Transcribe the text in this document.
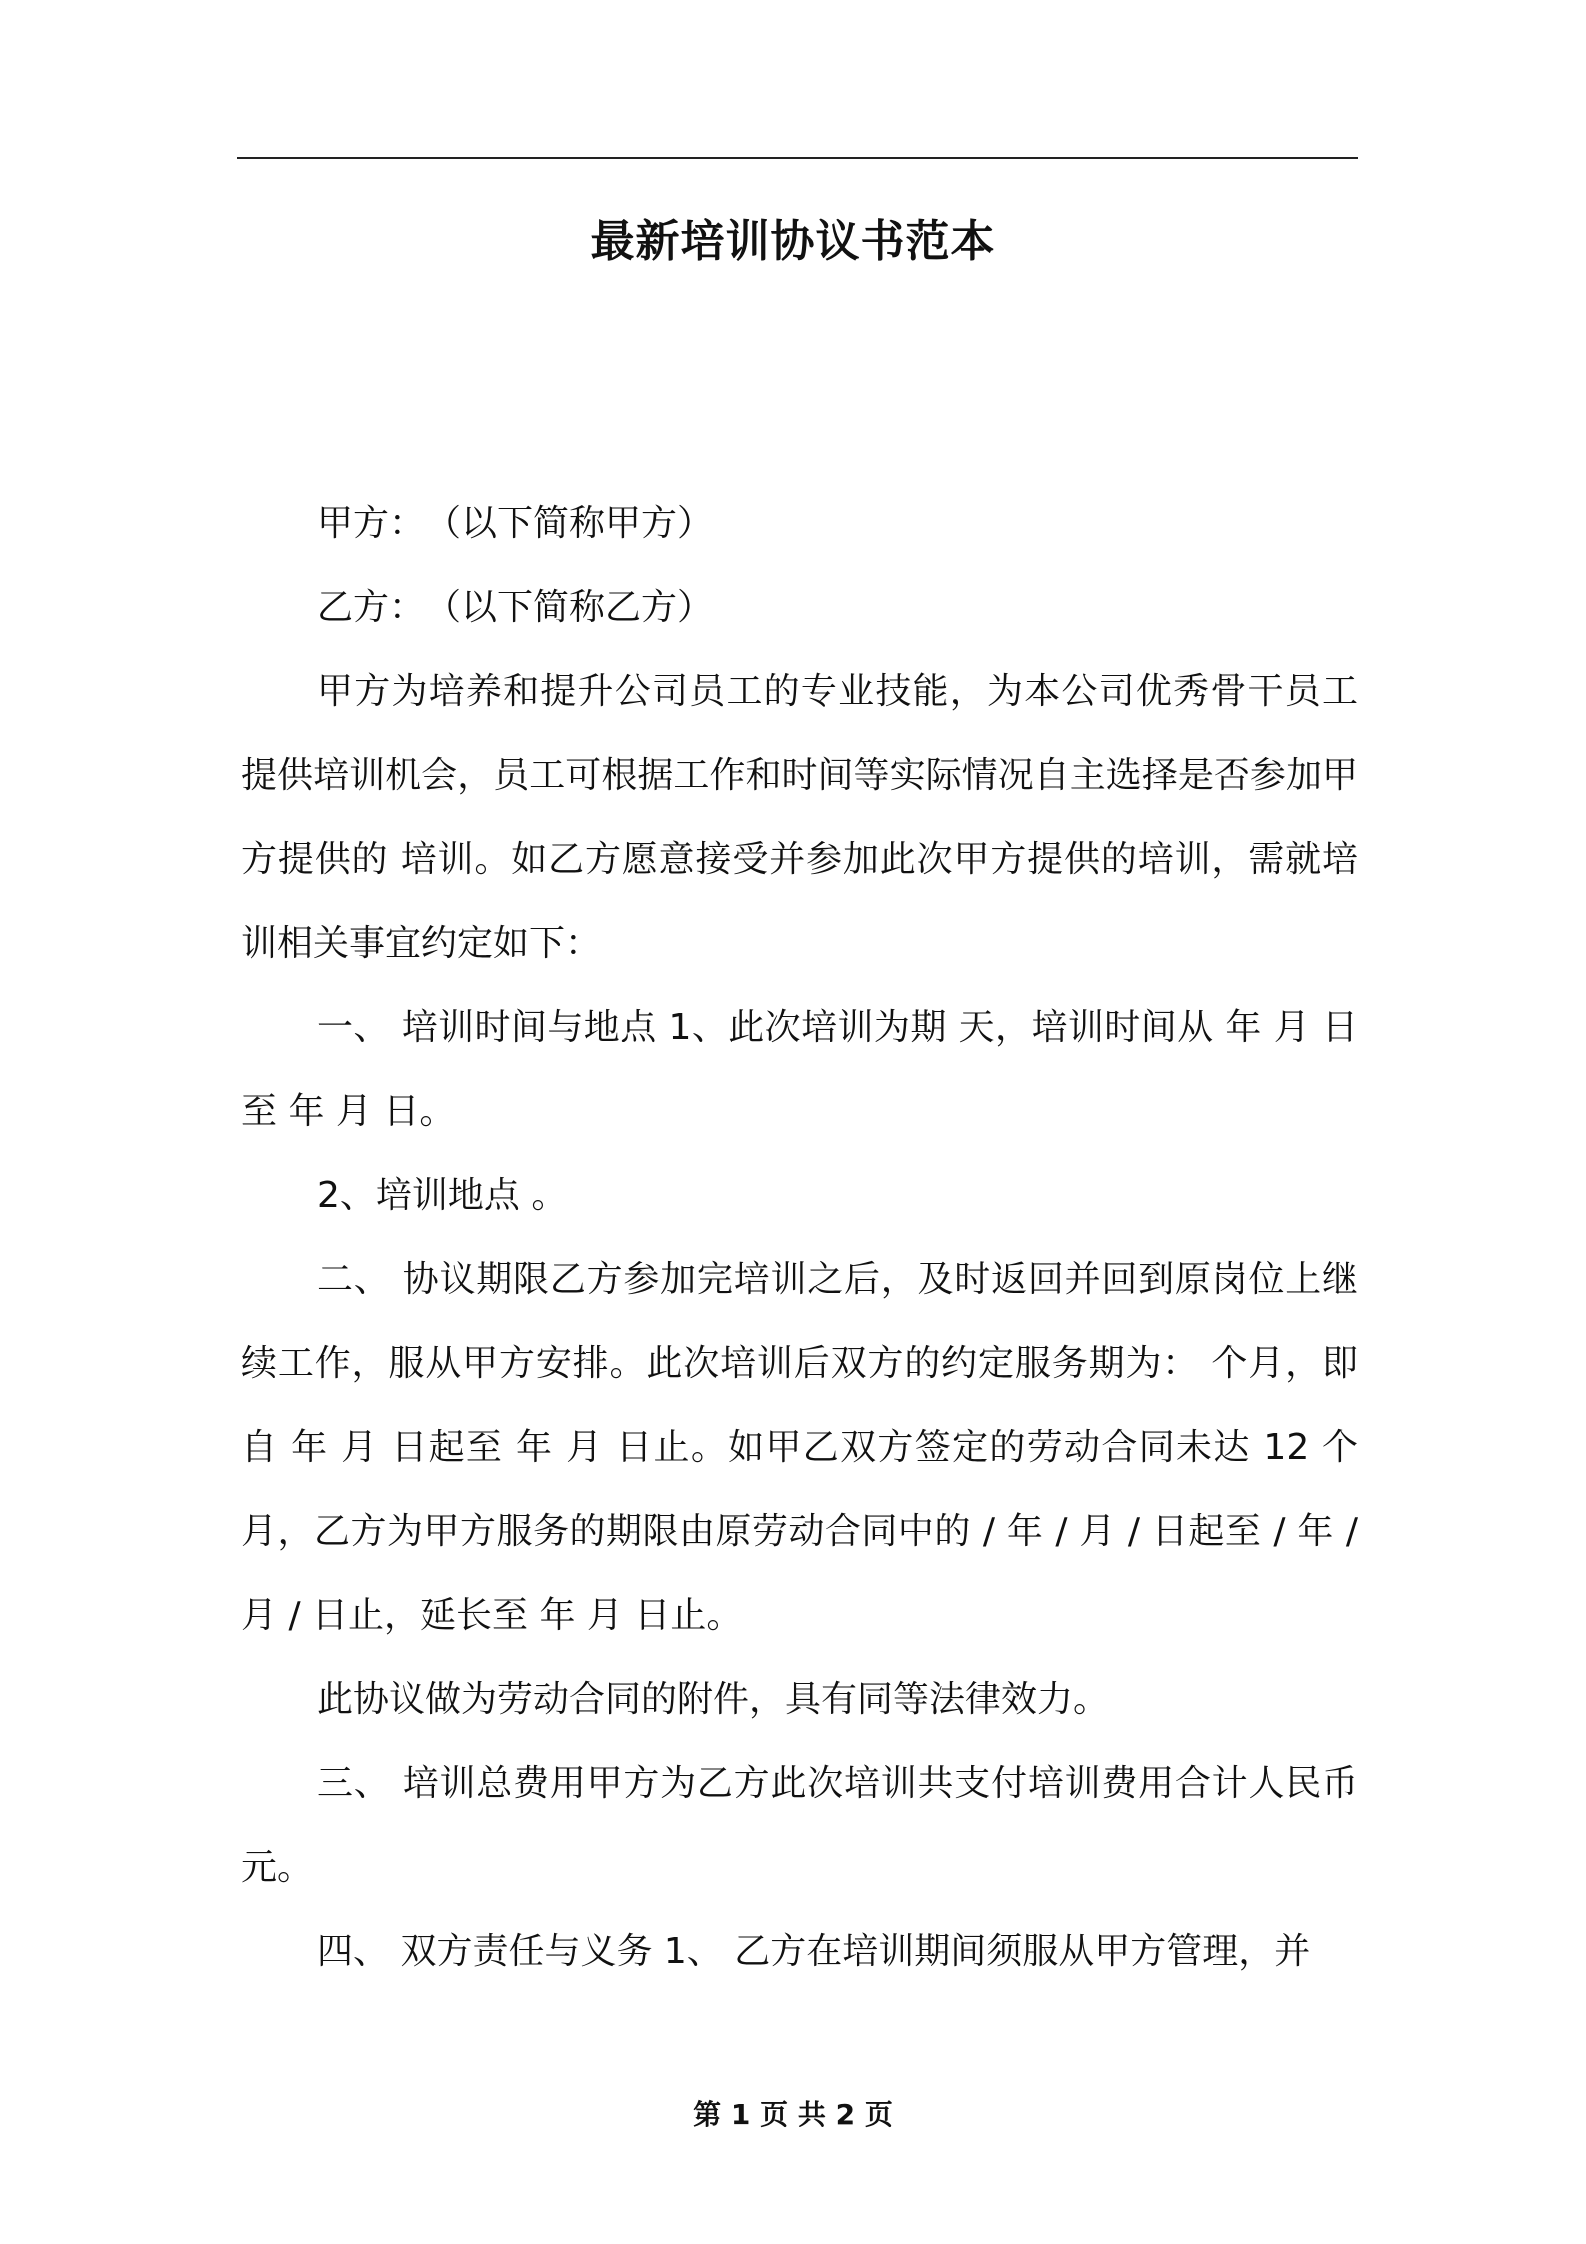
最新培训协议书范本

甲方：　（以下简称甲方）

乙方：　（以下简称乙方）

甲方为培养和提升公司员工的专业技能，为本公司优秀骨干员工提供培训机会，员工可根据工作和时间等实际情况自主选择是否参加甲方提供的 培训。如乙方愿意接受并参加此次甲方提供的培训，需就培训相关事宜约定如下：

一、 培训时间与地点 1、此次培训为期 天，培训时间从 年 月 日至 年 月 日。

2、培训地点 。

二、 协议期限乙方参加完培训之后，及时返回并回到原岗位上继续工作，服从甲方安排。此次培训后双方的约定服务期为： 个月，即自 年 月 日起至 年 月 日止。如甲乙双方签定的劳动合同未达 12 个月，乙方为甲方服务的期限由原劳动合同中的 / 年 / 月 / 日起至 / 年 / 月 / 日止，延长至 年 月 日止。

此协议做为劳动合同的附件，具有同等法律效力。

三、 培训总费用甲方为乙方此次培训共支付培训费用合计人民币 元。

四、 双方责任与义务 1、 乙方在培训期间须服从甲方管理，并

第 1 页 共 2 页
